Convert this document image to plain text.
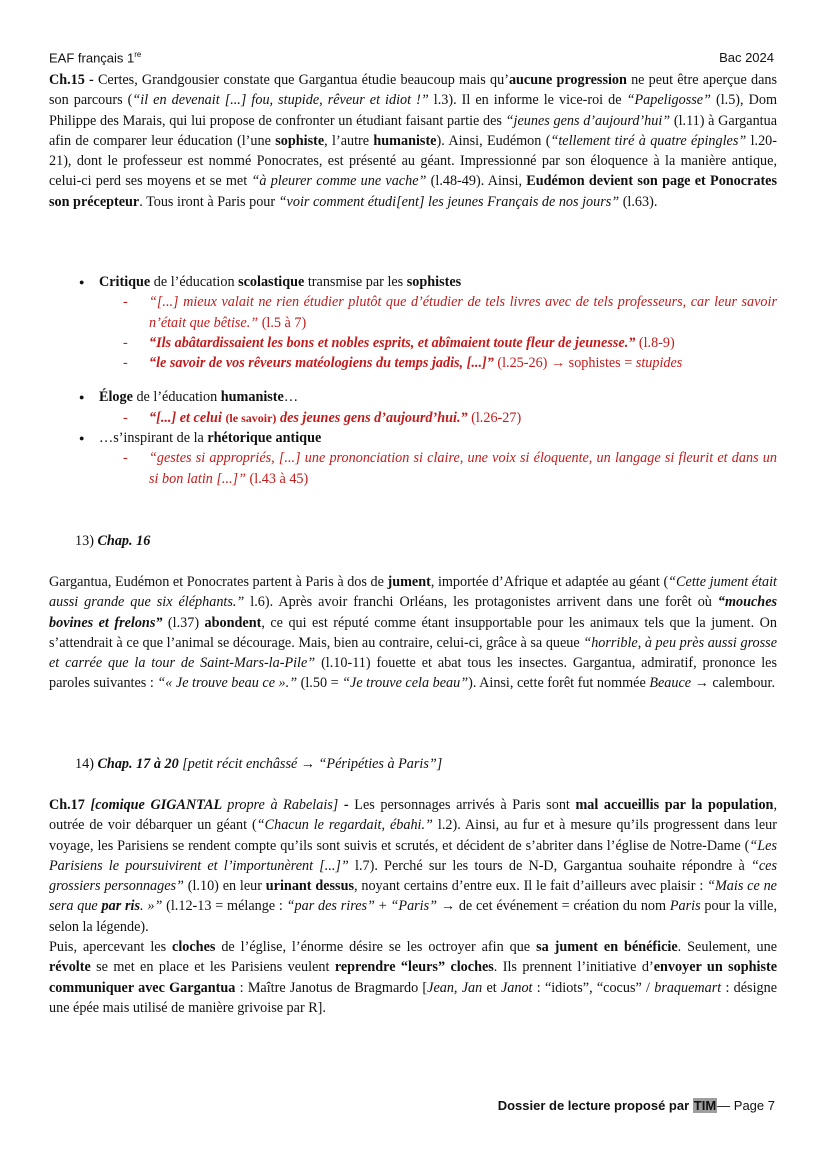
EAF français 1re	Bac 2024

Ch.15 - Certes, Grandgousier constate que Gargantua étudie beaucoup mais qu’aucune progression ne peut être aperçue dans son parcours (“il en devenait [...] fou, stupide, rêveur et idiot !” l.3). Il en informe le vice-roi de “Papeligosse” (l.5), Dom Philippe des Marais, qui lui propose de confronter un étudiant faisant partie des “jeunes gens d’aujourd’hui” (l.11) à Gargantua afin de comparer leur éducation (l’une sophiste, l’autre humaniste). Ainsi, Eudémon (“tellement tiré à quatre épingles” l.20-21), dont le professeur est nommé Ponocrates, est présenté au géant. Impressionné par son éloquence à la manière antique, celui-ci perd ses moyens et se met “à pleurer comme une vache” (l.48-49). Ainsi, Eudémon devient son page et Ponocrates son précepteur. Tous iront à Paris pour “voir comment étudi[ent] les jeunes Français de nos jours” (l.63).

● Critique de l’éducation scolastique transmise par les sophistes
- “[...] mieux valait ne rien étudier plutôt que d’étudier de tels livres avec de tels professeurs, car leur savoir n’était que bêtise.” (l.5 à 7)
- “Ils abâtardissaient les bons et nobles esprits, et abîmaient toute fleur de jeunesse.” (l.8-9)
- “le savoir de vos rêveurs matéologiens du temps jadis, [...]” (l.25-26) → sophistes = stupides
● Éloge de l’éducation humaniste…
- “[...] et celui (le savoir) des jeunes gens d’aujourd’hui.” (l.26-27)
● …s’inspirant de la rhétorique antique
- “gestes si appropriés, [...] une prononciation si claire, une voix si éloquente, un langage si fleurit et dans un si bon latin [...]” (l.43 à 45)
13) Chap. 16

Gargantua, Eudémon et Ponocrates partent à Paris à dos de jument, importée d’Afrique et adaptée au géant (“Cette jument était aussi grande que six éléphants.” l.6). Après avoir franchi Orléans, les protagonistes arrivent dans une forêt où “mouches bovines et frelons” (l.37) abondent, ce qui est réputé comme étant insupportable pour les animaux tels que la jument. On s’attendrait à ce que l’animal se décourage. Mais, bien au contraire, celui-ci, grâce à sa queue “horrible, à peu près aussi grosse et carrée que la tour de Saint-Mars-la-Pile” (l.10-11) fouette et abat tous les insectes. Gargantua, admiratif, prononce les paroles suivantes : “« Je trouve beau ce ».” (l.50 = “Je trouve cela beau”). Ainsi, cette forêt fut nommée Beauce → calembour.

14) Chap. 17 à 20 [petit récit enchâssé → “Péripéties à Paris”]

Ch.17 [comique GIGANTAL propre à Rabelais] - Les personnages arrivés à Paris sont mal accueillis par la population, outrée de voir débarquer un géant (“Chacun le regardait, ébahi.” l.2). Ainsi, au fur et à mesure qu’ils progressent dans leur voyage, les Parisiens se rendent compte qu’ils sont suivis et scrutés, et décident de s’abriter dans l’église de Notre-Dame (“Les Parisiens le poursuivirent et l’importunèrent [...]” l.7). Perché sur les tours de N-D, Gargantua souhaite répondre à “ces grossiers personnages” (l.10) en leur urinant dessus, noyant certains d’entre eux. Il le fait d’ailleurs avec plaisir : “Mais ce ne sera que par ris. »” (l.12-13 = mélange : “par des rires” + “Paris” → de cet événement = création du nom Paris pour la ville, selon la légende).

Puis, apercevant les cloches de l’église, l’énorme désire se les octroyer afin que sa jument en bénéficie. Seulement, une révolte se met en place et les Parisiens veulent reprendre “leurs” cloches. Ils prennent l’initiative d’envoyer un sophiste communiquer avec Gargantua : Maître Janotus de Bragmardo [Jean, Jan et Janot : “idiots”, “cocus” / braquemart : désigne une épée mais utilisé de manière grivoise par R].

Dossier de lecture proposé par TIM— Page 7
